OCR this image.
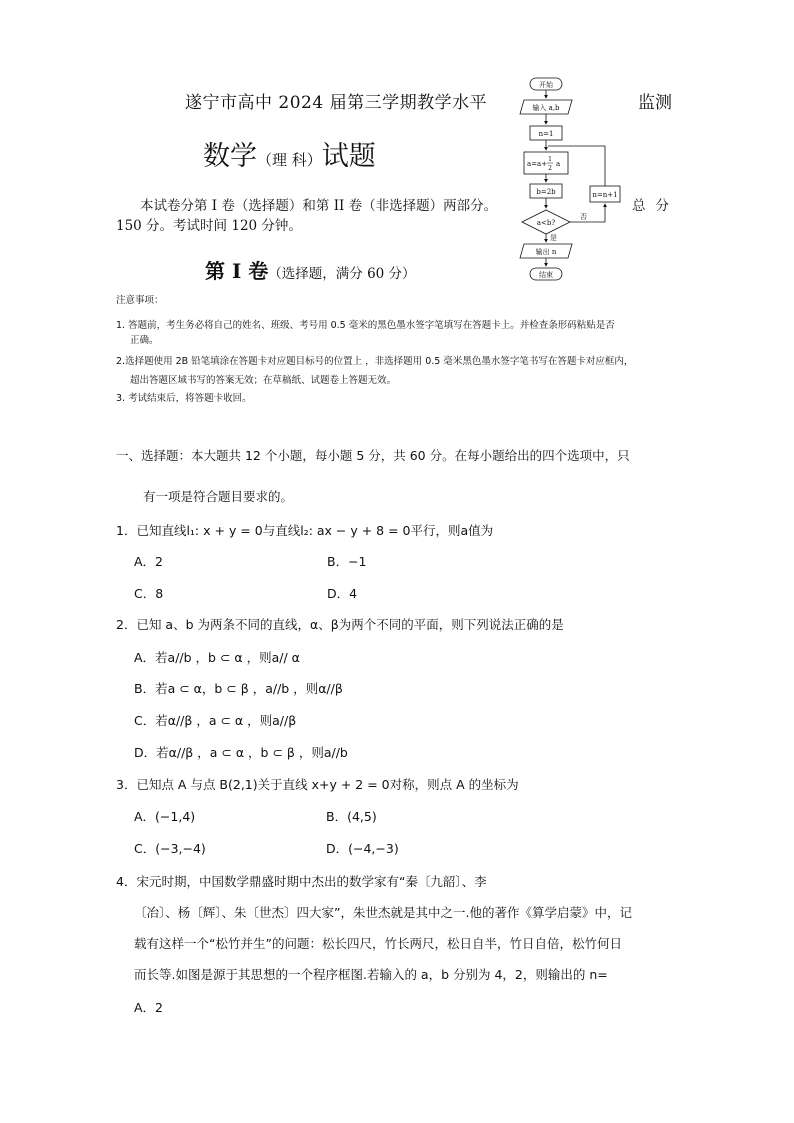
遂宁市高中 2024 届第三学期教学水平	监测
数学（理 科）试题
本试卷分第 I 卷（选择题）和第 II 卷（非选择题）两部分。	总分
150 分。考试时间 120 分钟。
第 I 卷（选择题，满分 60 分）
注意事项：
1. 答题前，考生务必将自己的姓名、班级、考号用 0.5 毫米的黑色墨水签字笔填写在答题卡上。并检查条形码粘贴是否
正确。
2.选择题使用 2B 铅笔填涂在答题卡对应题目标号的位置上 ，非选择题用 0.5 毫米黑色墨水签字笔书写在答题卡对应框内，
超出答题区域书写的答案无效；在草稿纸、试题卷上答题无效。
3. 考试结束后，将答题卡收回。
一、选择题：本大题共 12 个小题，每小题 5 分，共 60 分。在每小题给出的四个选项中，只
有一项是符合题目要求的。
1．已知直线l₁: x + y = 0与直线l₂: ax − y + 8 = 0平行，则a值为
A．2	B．−1
C．8	D．4
2．已知 a、b 为两条不同的直线，α、β为两个不同的平面，则下列说法正确的是
A．若a//b ，b ⊂ α ，则a// α
B．若a ⊂ α，b ⊂ β ，a//b ，则α//β
C．若α//β ，a ⊂ α ，则a//β
D．若α//β ，a ⊂ α ，b ⊂ β ，则a//b
3．已知点 A 与点 B(2,1)关于直线 x+y + 2 = 0对称，则点 A 的坐标为
A．(−1,4)	B．(4,5)
C．(−3,−4)	D．(−4,−3)
4．宋元时期，中国数学鼎盛时期中杰出的数学家有“秦〔九韶〕、李
〔冶〕、杨〔辉〕、朱〔世杰〕四大家”，朱世杰就是其中之一.他的著作《算学启蒙》中，记
载有这样一个“松竹并生”的问题：松长四尺，竹长两尺，松日自半，竹日自倍，松竹何日
而长等.如图是源于其思想的一个程序框图.若输入的 a，b 分别为 4，2，则输出的 n=
A．2
开始
输入 a,b
n=1
a=a+
1
2
a
b=2b	n=n+1
a<b?
否
是
输出 n
结束
